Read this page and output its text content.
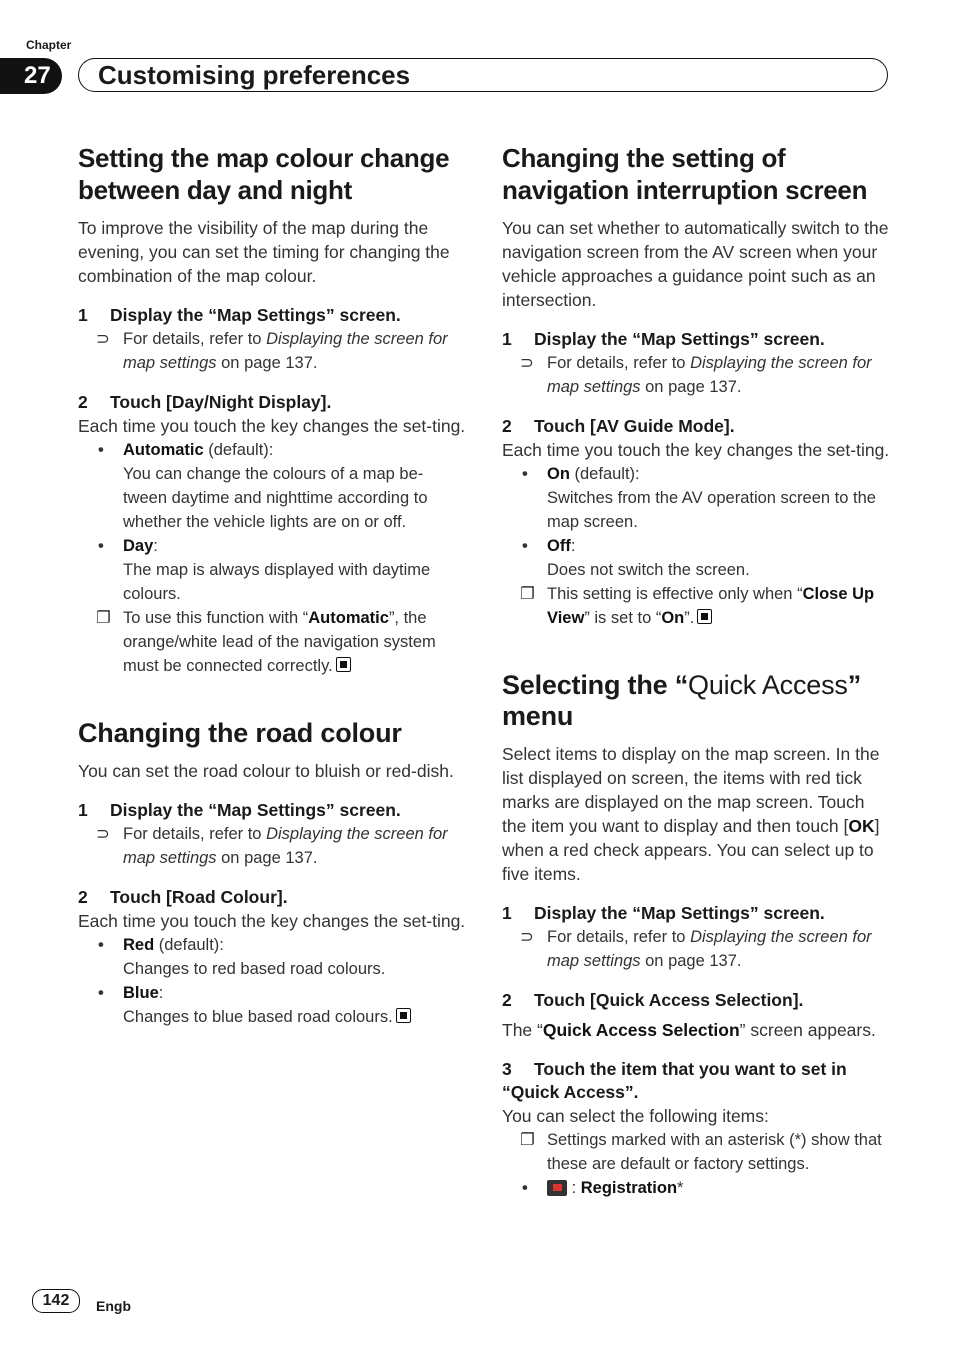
Chapter
27	Customising preferences
Setting the map colour change between day and night

To improve the visibility of the map during the evening, you can set the timing for changing the combination of the map colour.

1 Display the “Map Settings” screen.
⊃ For details, refer to Displaying the screen for map settings on page 137.
2 Touch [Day/Night Display].

Each time you touch the key changes the set-ting.

• Automatic (default):
You can change the colours of a map be-tween daytime and nighttime according to whether the vehicle lights are on or off.
• Day:
The map is always displayed with daytime colours.
❐ To use this function with “Automatic”, the orange/white lead of the navigation system must be connected correctly.
Changing the road colour

You can set the road colour to bluish or red-dish.

1 Display the “Map Settings” screen.
⊃ For details, refer to Displaying the screen for map settings on page 137.
2 Touch [Road Colour].

Each time you touch the key changes the set-ting.

• Red (default):
Changes to red based road colours.
• Blue:
Changes to blue based road colours.
Changing the setting of navigation interruption screen

You can set whether to automatically switch to the navigation screen from the AV screen when your vehicle approaches a guidance point such as an intersection.

1 Display the “Map Settings” screen.
⊃ For details, refer to Displaying the screen for map settings on page 137.
2 Touch [AV Guide Mode].

Each time you touch the key changes the set-ting.

• On (default):
Switches from the AV operation screen to the map screen.
• Off:
Does not switch the screen.
❐ This setting is effective only when “Close Up View” is set to “On”.
Selecting the “Quick Access” menu

Select items to display on the map screen. In the list displayed on screen, the items with red tick marks are displayed on the map screen. Touch the item you want to display and then touch [OK] when a red check appears. You can select up to five items.

1 Display the “Map Settings” screen.
⊃ For details, refer to Displaying the screen for map settings on page 137.
2 Touch [Quick Access Selection].

The “Quick Access Selection” screen appears.

3 Touch the item that you want to set in “Quick Access”.

You can select the following items:

❐ Settings marked with an asterisk (*) show that these are default or factory settings.
• : Registration*
142	Engb
